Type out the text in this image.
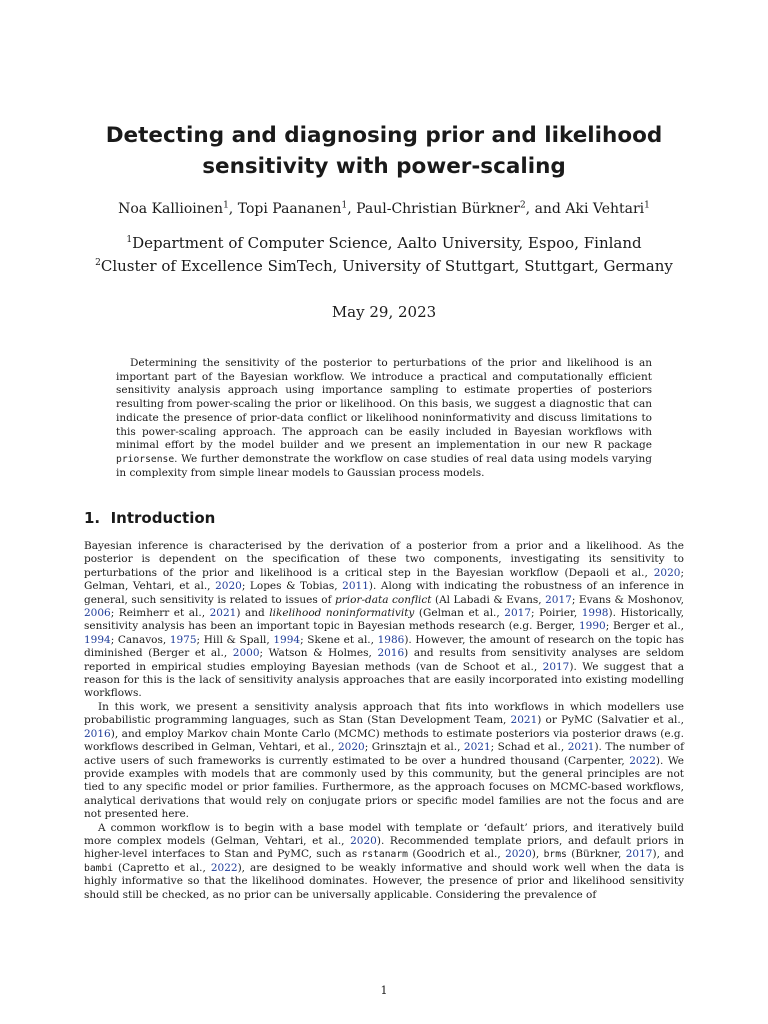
Detecting and diagnosing prior and likelihood sensitivity with power-scaling
Noa Kallioinen$^1$, Topi Paananen$^1$, Paul-Christian Bürkner$^2$, and Aki Vehtari$^1$
$^1$Department of Computer Science, Aalto University, Espoo, Finland
$^2$Cluster of Excellence SimTech, University of Stuttgart, Stuttgart, Germany
May 29, 2023

Determining the sensitivity of the posterior to perturbations of the prior and likelihood is an important part of the Bayesian workflow. We introduce a practical and computationally efficient sensitivity analysis approach using importance sampling to estimate properties of posteriors resulting from power-scaling the prior or likelihood. On this basis, we suggest a diagnostic that can indicate the presence of prior-data conflict or likelihood noninformativity and discuss limitations to this power-scaling approach. The approach can be easily included in Bayesian workflows with minimal effort by the model builder and we present an implementation in our new R package priorsense. We further demonstrate the workflow on case studies of real data using models varying in complexity from simple linear models to Gaussian process models.

1. Introduction

Bayesian inference is characterised by the derivation of a posterior from a prior and a likelihood. As the posterior is dependent on the specification of these two components, investigating its sensitivity to perturbations of the prior and likelihood is a critical step in the Bayesian workflow (Depaoli et al., 2020; Gelman, Vehtari, et al., 2020; Lopes & Tobias, 2011). Along with indicating the robustness of an inference in general, such sensitivity is related to issues of prior-data conflict (Al Labadi & Evans, 2017; Evans & Moshonov, 2006; Reimherr et al., 2021) and likelihood noninformativity (Gelman et al., 2017; Poirier, 1998). Historically, sensitivity analysis has been an important topic in Bayesian methods research (e.g. Berger, 1990; Berger et al., 1994; Canavos, 1975; Hill & Spall, 1994; Skene et al., 1986). However, the amount of research on the topic has diminished (Berger et al., 2000; Watson & Holmes, 2016) and results from sensitivity analyses are seldom reported in empirical studies employing Bayesian methods (van de Schoot et al., 2017). We suggest that a reason for this is the lack of sensitivity analysis approaches that are easily incorporated into existing modelling workflows.

In this work, we present a sensitivity analysis approach that fits into workflows in which modellers use probabilistic programming languages, such as Stan (Stan Development Team, 2021) or PyMC (Salvatier et al., 2016), and employ Markov chain Monte Carlo (MCMC) methods to estimate posteriors via posterior draws (e.g. workflows described in Gelman, Vehtari, et al., 2020; Grinsztajn et al., 2021; Schad et al., 2021). The number of active users of such frameworks is currently estimated to be over a hundred thousand (Carpenter, 2022). We provide examples with models that are commonly used by this community, but the general principles are not tied to any specific model or prior families. Furthermore, as the approach focuses on MCMC-based workflows, analytical derivations that would rely on conjugate priors or specific model families are not the focus and are not presented here.

A common workflow is to begin with a base model with template or ‘default’ priors, and iteratively build more complex models (Gelman, Vehtari, et al., 2020). Recommended template priors, and default priors in higher-level interfaces to Stan and PyMC, such as rstanarm (Goodrich et al., 2020), brms (Bürkner, 2017), and bambi (Capretto et al., 2022), are designed to be weakly informative and should work well when the data is highly informative so that the likelihood dominates. However, the presence of prior and likelihood sensitivity should still be checked, as no prior can be universally applicable. Considering the prevalence of

1
